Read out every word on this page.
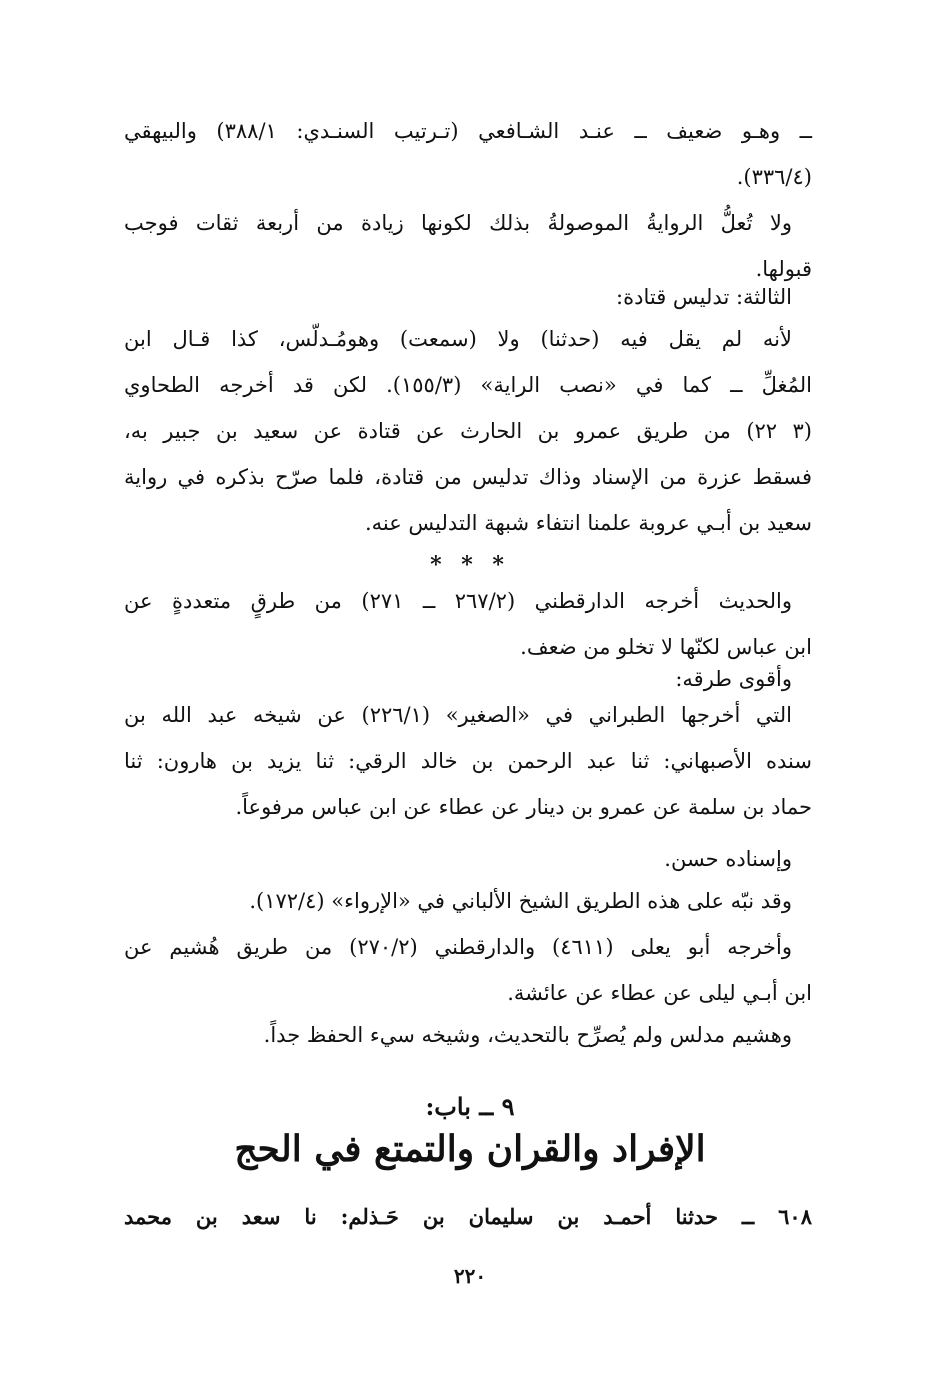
ــ وهـو ضعيف ــ عنـد الشـافعي (تـرتيب السنـدي: ٣٨٨/١) والبيهقي
(٣٣٦/٤).
ولا تُعلُّ الروايةُ الموصولةُ بذلك لكونها زيادة من أربعة ثقات فوجب
قبولها.
الثالثة: تدليس قتادة:
لأنه لم يقل فيه (حدثنا) ولا (سمعت) وهومُـدلّس، كذا قـال ابن
المُغلِّ ــ كما في «نصب الراية» (١٥٥/٣). لكن قد أخرجه الطحاوي
(٣ ٢٢) من طريق عمرو بن الحارث عن قتادة عن سعيد بن جبير به،
فسقط عزرة من الإسناد وذاك تدليس من قتادة، فلما صرّح بذكره في رواية
سعيد بن أبـي عروبة علمنا انتفاء شبهة التدليس عنه.
* * *
والحديث أخرجه الدارقطني (٢٦٧/٢ ــ ٢٧١) من طرقٍ متعددةٍ عن
ابن عباس لكنّها لا تخلو من ضعف.
وأقوى طرقه:
التي أخرجها الطبراني في «الصغير» (٢٢٦/١) عن شيخه عبد الله بن
سنده الأصبهاني: ثنا عبد الرحمن بن خالد الرقي: ثنا يزيد بن هارون: ثنا
حماد بن سلمة عن عمرو بن دينار عن عطاء عن ابن عباس مرفوعاً.
وإسناده حسن.
وقد نبّه على هذه الطريق الشيخ الألباني في «الإرواء» (١٧٢/٤).
وأخرجه أبو يعلى (٤٦١١) والدارقطني (٢٧٠/٢) من طريق هُشيم عن
ابن أبـي ليلى عن عطاء عن عائشة.
وهشيم مدلس ولم يُصرِّح بالتحديث، وشيخه سيء الحفظ جداً.
٩ ــ باب:
الإفراد والقران والتمتع في الحج
٦٠٨ ــ حدثنا أحمـد بن سليمان بن حَـذلم: نا سعد بن محمد
٢٢٠
